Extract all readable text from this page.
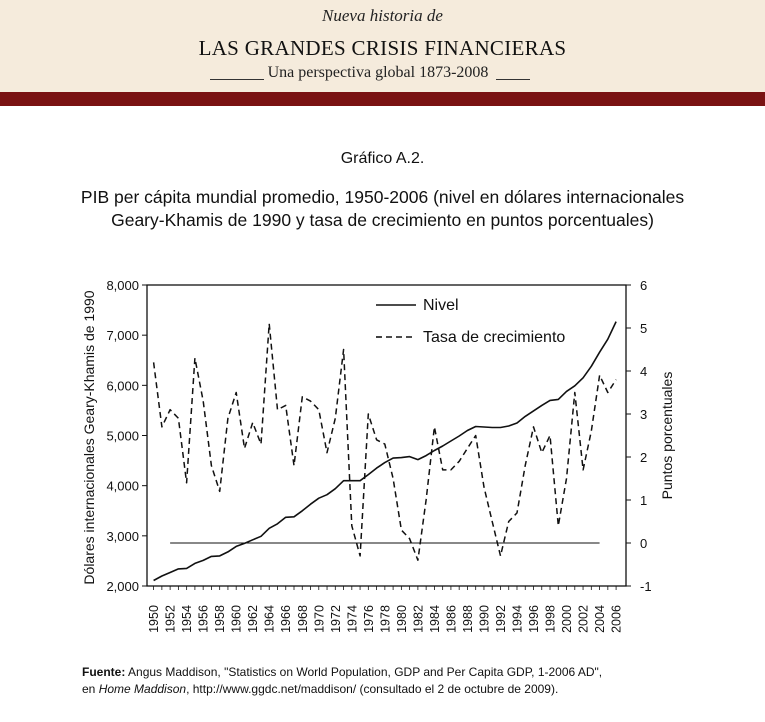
Nueva historia de
LAS GRANDES CRISIS FINANCIERAS
Una perspectiva global 1873-2008
Gráfico A.2.
PIB per cápita mundial promedio, 1950-2006 (nivel en dólares internacionales Geary-Khamis de 1990 y tasa de crecimiento en puntos porcentuales)
2,000
3,000
4,000
5,000
6,000
7,000
8,000
-1
0
1
2
3
4
5
6
1950 1952 1954 1956 1958 1960 1962 1964 1966 1968 1970 1972 1974 1976 1978 1980 1982 1984 1986 1988 1990 1992 1994 1996 1998 2000 2002 2004 2006
Dólares internacionales Geary-Khamis de 1990	Puntos porcentuales
Nivel
Tasa de crecimiento
Fuente: Angus Maddison, "Statistics on World Population, GDP and Per Capita GDP, 1-2006 AD",
en Home Maddison, http://www.ggdc.net/maddison/ (consultado el 2 de octubre de 2009).
